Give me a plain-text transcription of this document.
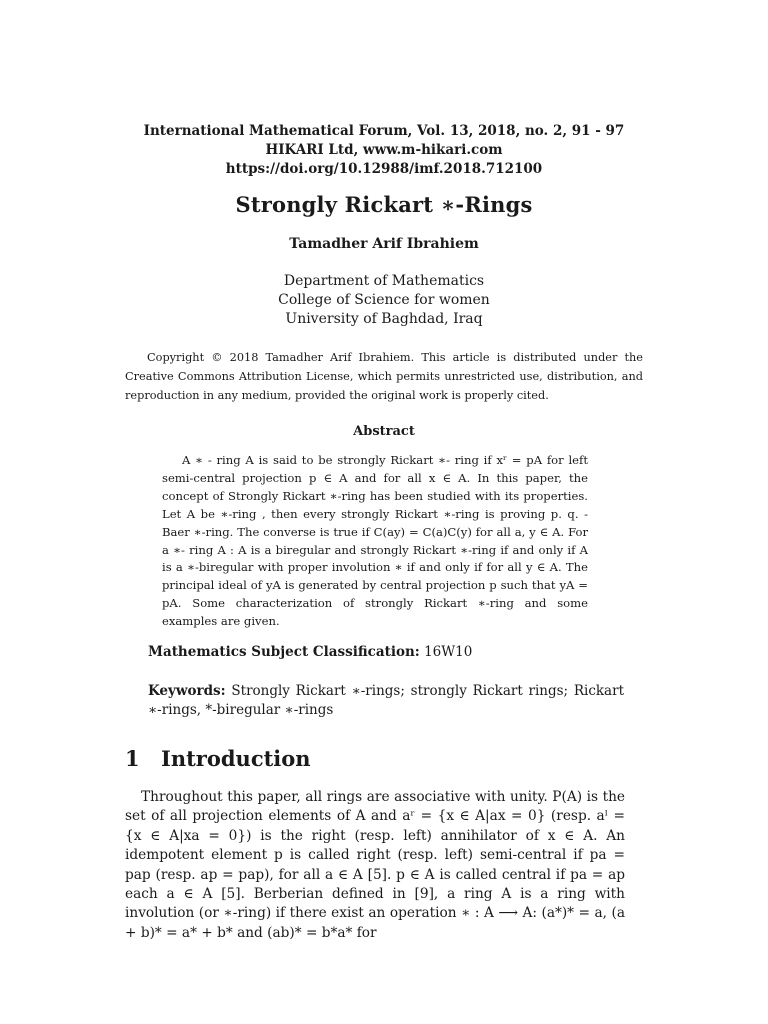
International Mathematical Forum, Vol. 13, 2018, no. 2, 91 - 97
HIKARI Ltd, www.m-hikari.com
https://doi.org/10.12988/imf.2018.712100
Strongly Rickart ∗-Rings
Tamadher Arif Ibrahiem
Department of Mathematics
College of Science for women
University of Baghdad, Iraq
Copyright © 2018 Tamadher Arif Ibrahiem. This article is distributed under the Creative Commons Attribution License, which permits unrestricted use, distribution, and reproduction in any medium, provided the original work is properly cited.
Abstract
A ∗ - ring A is said to be strongly Rickart ∗- ring if xʳ = pA for left semi-central projection p ∈ A and for all x ∈ A. In this paper, the concept of Strongly Rickart ∗-ring has been studied with its properties. Let A be ∗-ring , then every strongly Rickart ∗-ring is proving p. q. -Baer ∗-ring. The converse is true if C(ay) = C(a)C(y) for all a, y ∈ A. For a ∗- ring A : A is a biregular and strongly Rickart ∗-ring if and only if A is a ∗-biregular with proper involution ∗ if and only if for all y ∈ A. The principal ideal of yA is generated by central projection p such that yA = pA. Some characterization of strongly Rickart ∗-ring and some examples are given.
Mathematics Subject Classification: 16W10
Keywords: Strongly Rickart ∗-rings; strongly Rickart rings; Rickart ∗-rings, *-biregular ∗-rings
1 Introduction
Throughout this paper, all rings are associative with unity. P(A) is the set of all projection elements of A and aʳ = {x ∈ A|ax = 0} (resp. aˡ = {x ∈ A|xa = 0}) is the right (resp. left) annihilator of x ∈ A. An idempotent element p is called right (resp. left) semi-central if pa = pap (resp. ap = pap), for all a ∈ A [5]. p ∈ A is called central if pa = ap each a ∈ A [5]. Berberian defined in [9], a ring A is a ring with involution (or ∗-ring) if there exist an operation ∗ : A ⟶ A: (a*)* = a, (a + b)* = a* + b* and (ab)* = b*a* for
